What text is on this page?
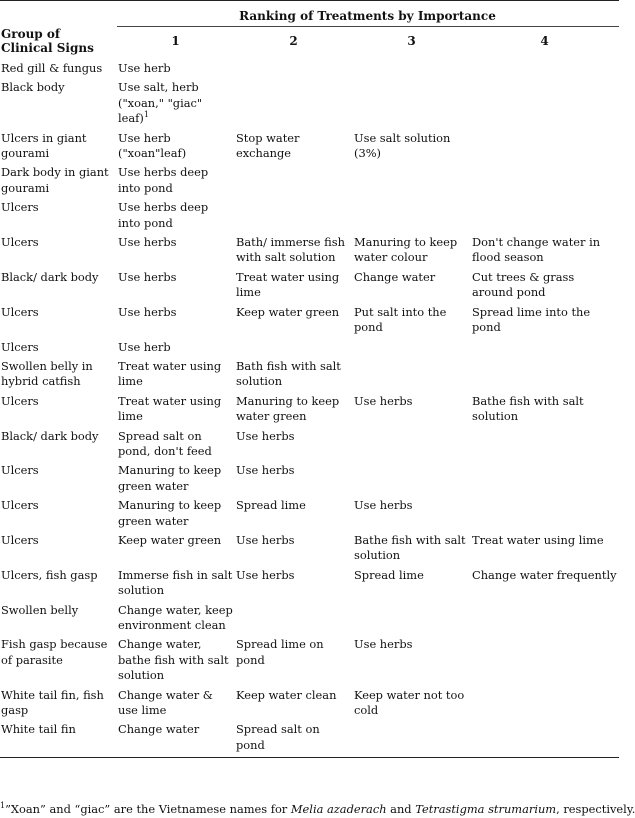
	Ranking of Treatments by Importance			
Group of Clinical Signs	1	2	3	4
Red gill & fungus	Use herb			
Black body	Use salt, herb ("xoan," "giac" leaf)$^1$			
Ulcers in giant gourami	Use herb ("xoan"leaf)	Stop water exchange	Use salt solution (3%)	
Dark body in giant gourami	Use herbs deep into pond			
Ulcers	Use herbs deep into pond			
Ulcers	Use herbs	Bath/ immerse fish with salt solution	Manuring to keep water colour	Don't change water in flood season
Black/ dark body	Use herbs	Treat water using lime	Change water	Cut trees & grass around pond
Ulcers	Use herbs	Keep water green	Put salt into the pond	Spread lime into the pond
Ulcers	Use herb			
Swollen belly in hybrid catfish	Treat water using lime	Bath fish with salt solution		
Ulcers	Treat water using lime	Manuring to keep water green	Use herbs	Bathe fish with salt solution
Black/ dark body	Spread salt on pond, don't feed	Use herbs		
Ulcers	Manuring to keep green water	Use herbs		
Ulcers	Manuring to keep green water	Spread lime	Use herbs	
Ulcers	Keep water green	Use herbs	Bathe fish with salt solution	Treat water using lime
Ulcers, fish gasp	Immerse fish in salt solution	Use herbs	Spread lime	Change water frequently
Swollen belly	Change water, keep environment clean			
Fish gasp because of parasite	Change water, bathe fish with salt solution	Spread lime on pond	Use herbs	
White tail fin, fish gasp	Change water & use lime	Keep water clean	Keep water not too cold	
White tail fin	Change water	Spread salt on pond		
$^1$”Xoan” and “giac” are the Vietnamese names for Melia azaderach and Tetrastigma strumarium, respectively.
